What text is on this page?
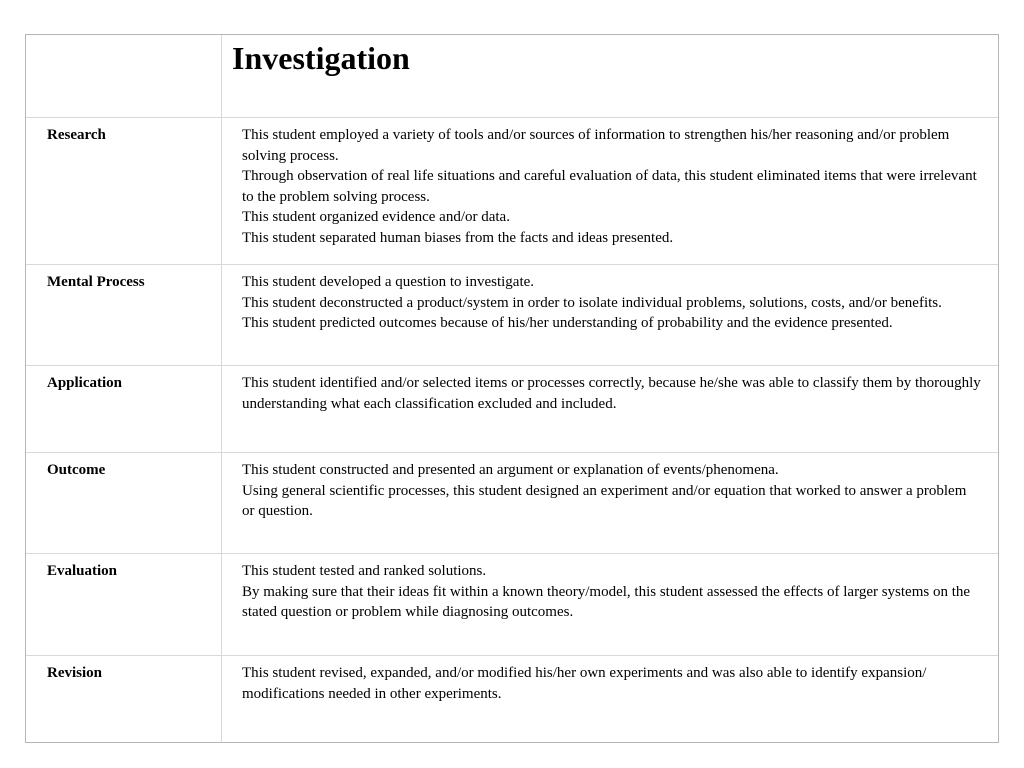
Investigation
Research	This student employed a variety of tools and/or sources of information to strengthen his/her reasoning and/or problem solving process.
Through observation of real life situations and careful evaluation of data, this student eliminated items that were irrelevant to the problem solving process.
This student organized evidence and/or data.
This student separated human biases from the facts and ideas presented.
Mental Process	This student developed a question to investigate.
This student deconstructed a product/system in order to isolate individual problems, solutions, costs, and/or benefits.
This student predicted outcomes because of his/her understanding of probability and the evidence presented.
Application	This student identified and/or selected items or processes correctly, because he/she was able to classify them by thoroughly understanding what each classification excluded and included.
Outcome	This student constructed and presented an argument or explanation of events/phenomena.
Using general scientific processes, this student designed an experiment and/or equation that worked to answer a problem or question.
Evaluation	This student tested and ranked solutions.
By making sure that their ideas fit within a known theory/model, this student assessed the effects of larger systems on the stated question or problem while diagnosing outcomes.
Revision	This student revised, expanded, and/or modified his/her own experiments and was also able to identify expansion/ modifications needed in other experiments.
